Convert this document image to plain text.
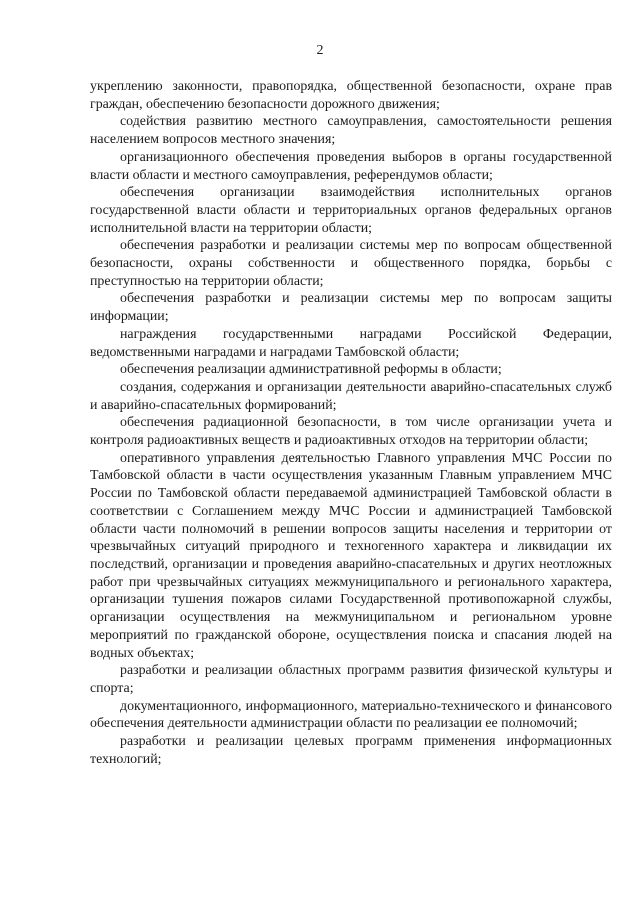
2

укреплению законности, правопорядка, общественной безопасности, охране прав граждан, обеспечению безопасности дорожного движения;

содействия развитию местного самоуправления, самостоятельности решения населением вопросов местного значения;

организационного обеспечения проведения выборов в органы государственной власти области и местного самоуправления, референдумов области;

обеспечения организации взаимодействия исполнительных органов государственной власти области и территориальных органов федеральных органов исполнительной власти на территории области;

обеспечения разработки и реализации системы мер по вопросам общественной безопасности, охраны собственности и общественного порядка, борьбы с преступностью на территории области;

обеспечения разработки и реализации системы мер по вопросам защиты информации;

награждения государственными наградами Российской Федерации, ведомственными наградами и наградами Тамбовской области;

обеспечения реализации административной реформы в области;

создания, содержания и организации деятельности аварийно-спасательных служб и аварийно-спасательных формирований;

обеспечения радиационной безопасности, в том числе организации учета и контроля радиоактивных веществ и радиоактивных отходов на территории области;

оперативного управления деятельностью Главного управления МЧС России по Тамбовской области в части осуществления указанным Главным управлением МЧС России по Тамбовской области передаваемой администрацией Тамбовской области в соответствии с Соглашением между МЧС России и администрацией Тамбовской области части полномочий в решении вопросов защиты населения и территории от чрезвычайных ситуаций природного и техногенного характера и ликвидации их последствий, организации и проведения аварийно-спасательных и других неотложных работ при чрезвычайных ситуациях межмуниципального и регионального характера, организации тушения пожаров силами Государственной противопожарной службы, организации осуществления на межмуниципальном и региональном уровне мероприятий по гражданской обороне, осуществления поиска и спасания людей на водных объектах;

разработки и реализации областных программ развития физической культуры и спорта;

документационного, информационного, материально-технического и финансового обеспечения деятельности администрации области по реализации ее полномочий;

разработки и реализации целевых программ применения информационных технологий;
